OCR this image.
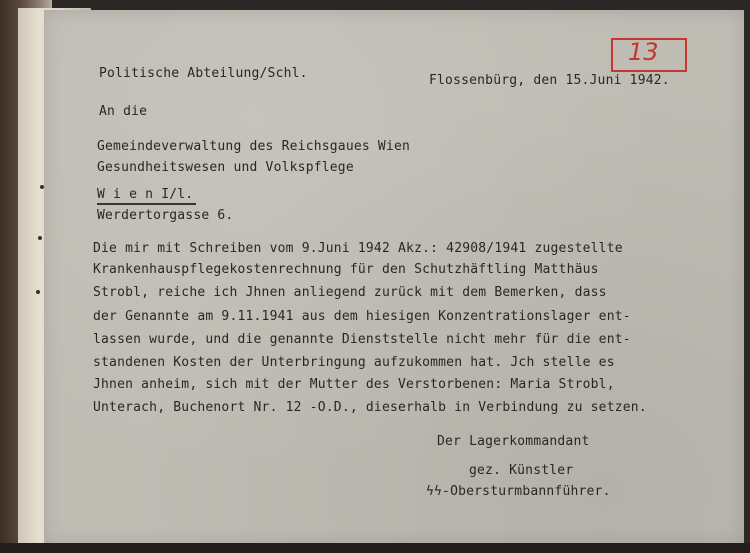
13
Politische Abteilung/Schl.	Flossenbürg, den 15.Juni 1942.
An die
Gemeindeverwaltung des Reichsgaues Wien
Gesundheitswesen und Volkspflege
W i e n I/l.
Werdertorgasse 6.
Die mir mit Schreiben vom 9.Juni 1942 Akz.: 42908/1941 zugestellte
Krankenhauspflegekostenrechnung für den Schutzhäftling Matthäus
Strobl, reiche ich Jhnen anliegend zurück mit dem Bemerken, dass
der Genannte am 9.11.1941 aus dem hiesigen Konzentrationslager ent-
lassen wurde, und die genannte Dienststelle nicht mehr für die ent-
standenen Kosten der Unterbringung aufzukommen hat. Jch stelle es
Jhnen anheim, sich mit der Mutter des Verstorbenen: Maria Strobl,
Unterach, Buchenort Nr. 12 -O.D., dieserhalb in Verbindung zu setzen.
Der Lagerkommandant
gez. Künstler
ϟϟ-Obersturmbannführer.
